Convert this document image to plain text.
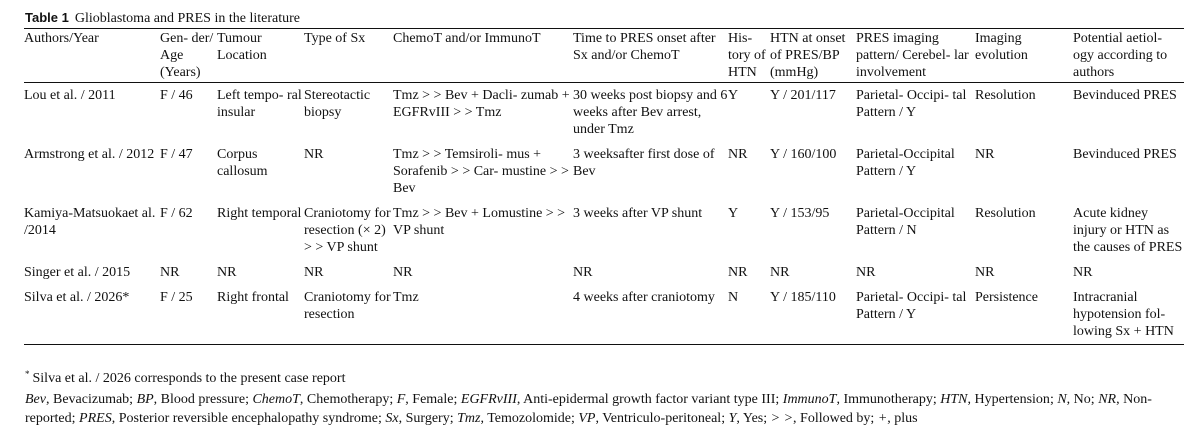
Table 1 Glioblastoma and PRES in the literature
Authors/Year	Gen- der/ Age (Years)	Tumour Location	Type of Sx	ChemoT and/or ImmunoT	Time to PRES onset after Sx and/or ChemoT	His- tory of HTN	HTN at onset of PRES/BP (mmHg)	PRES imaging pattern/ Cerebel- lar involvement	Imaging evolution	Potential aetiol- ogy according to authors
Lou et al. / 2011	F / 46	Left tempo- ral insular	Stereotactic biopsy	Tmz > > Bev + Dacli- zumab + EGFRvIII > > Tmz	30 weeks post biopsy and 6 weeks after Bev arrest, under Tmz	Y	Y / 201/117	Parietal- Occipi- tal Pattern / Y	Resolution	Bevinduced PRES
Armstrong et al. / 2012	F / 47	Corpus callosum	NR	Tmz > > Temsiroli- mus + Sorafenib > > Car- mustine > > Bev	3 weeksafter first dose of Bev	NR	Y / 160/100	Parietal-Occipital Pattern / Y	NR	Bevinduced PRES
Kamiya-Matsuokaet al. /2014	F / 62	Right temporal	Craniotomy for resection (× 2) > > VP shunt	Tmz > > Bev + Lomustine > > VP shunt	3 weeks after VP shunt	Y	Y / 153/95	Parietal-Occipital Pattern / N	Resolution	Acute kidney injury or HTN as the causes of PRES
Singer et al. / 2015	NR	NR	NR	NR	NR	NR	NR	NR	NR	NR
Silva et al. / 2026*	F / 25	Right frontal	Craniotomy for resection	Tmz	4 weeks after craniotomy	N	Y / 185/110	Parietal- Occipi- tal Pattern / Y	Persistence	Intracranial hypotension fol- lowing Sx + HTN
* Silva et al. / 2026 corresponds to the present case report
Bev, Bevacizumab; BP, Blood pressure; ChemoT, Chemotherapy; F, Female; EGFRvIII, Anti-epidermal growth factor variant type III; ImmunoT, Immunotherapy; HTN, Hypertension; N, No; NR, Non-reported; PRES, Posterior reversible encephalopathy syndrome; Sx, Surgery; Tmz, Temozolomide; VP, Ventriculo-peritoneal; Y, Yes; > >, Followed by; +, plus
